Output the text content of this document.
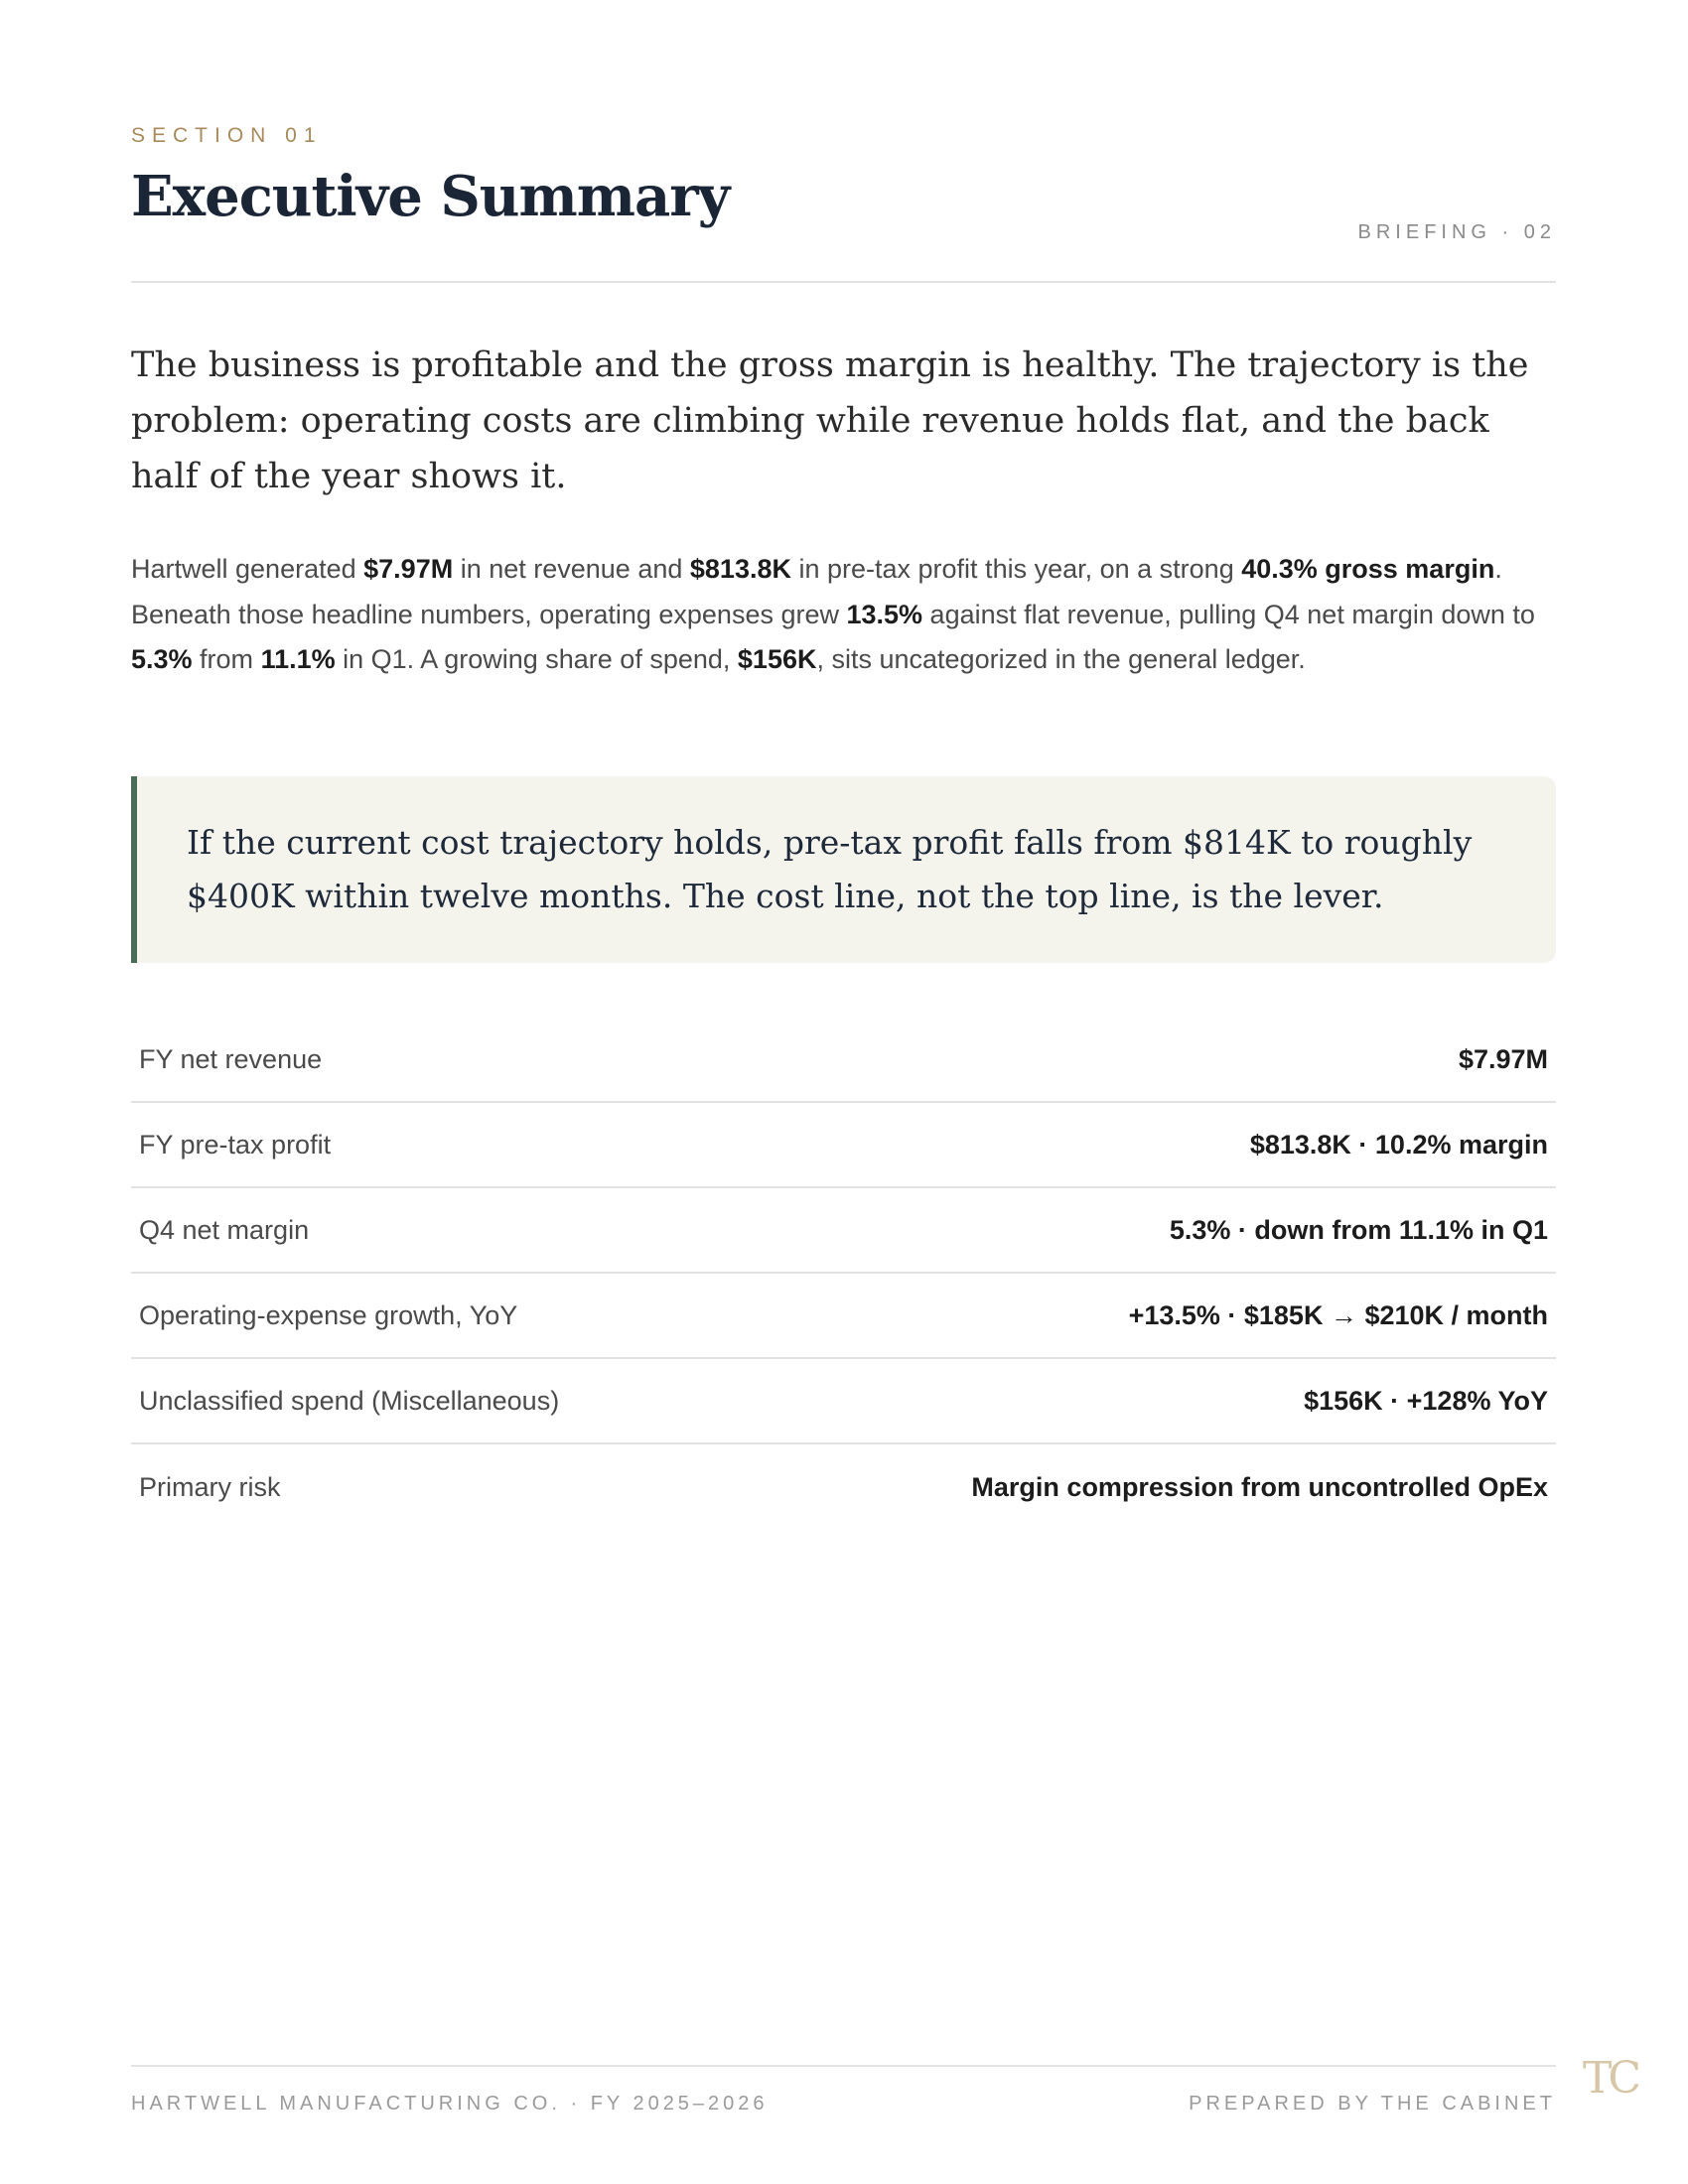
SECTION 01
Executive Summary
BRIEFING · 02

The business is profitable and the gross margin is healthy. The trajectory is the problem: operating costs are climbing while revenue holds flat, and the back half of the year shows it.

Hartwell generated $7.97M in net revenue and $813.8K in pre-tax profit this year, on a strong 40.3% gross margin. Beneath those headline numbers, operating expenses grew 13.5% against flat revenue, pulling Q4 net margin down to 5.3% from 11.1% in Q1. A growing share of spend, $156K, sits uncategorized in the general ledger.

If the current cost trajectory holds, pre-tax profit falls from $814K to roughly $400K within twelve months. The cost line, not the top line, is the lever.

FY net revenue	$7.97M
FY pre-tax profit	$813.8K · 10.2% margin
Q4 net margin	5.3% · down from 11.1% in Q1
Operating-expense growth, YoY	+13.5% · $185K → $210K / month
Unclassified spend (Miscellaneous)	$156K · +128% YoY
Primary risk	Margin compression from uncontrolled OpEx
HARTWELL MANUFACTURING CO. · FY 2025–2026	PREPARED BY THE CABINET TC
